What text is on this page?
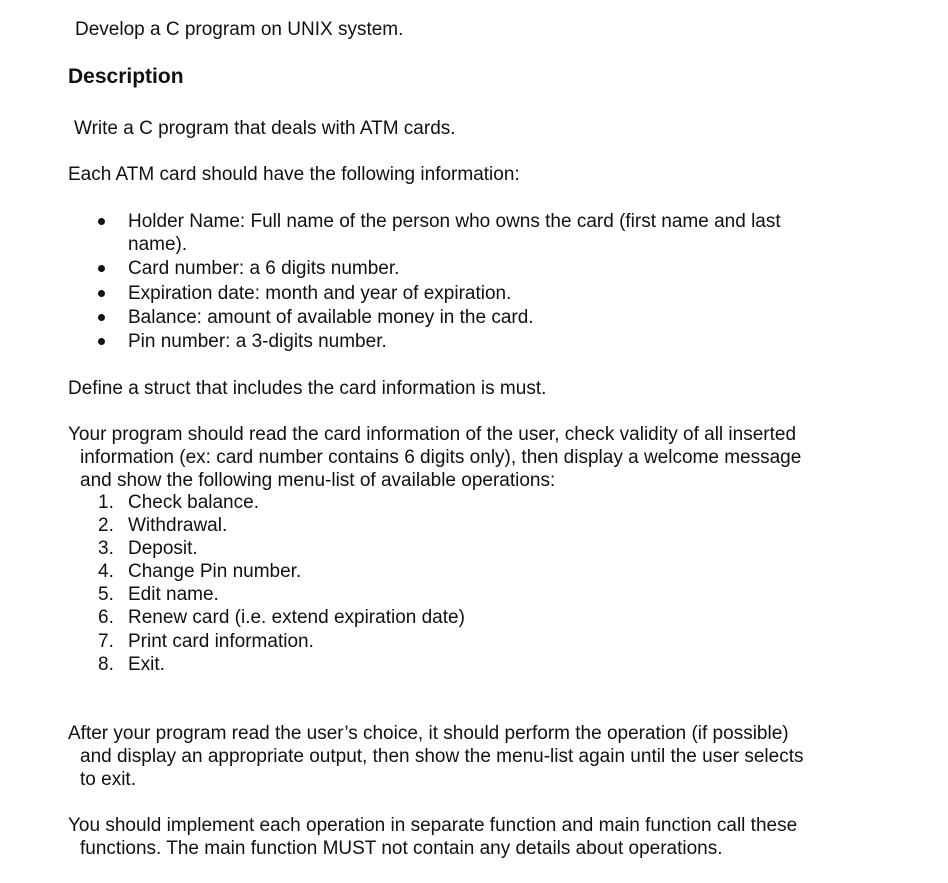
Develop a C program on UNIX system.
Description
Write a C program that deals with ATM cards.
Each ATM card should have the following information:
Holder Name: Full name of the person who owns the card (first name and last
name).
Card number: a 6 digits number.
Expiration date: month and year of expiration.
Balance: amount of available money in the card.
Pin number: a 3-digits number.
Define a struct that includes the card information is must.
Your program should read the card information of the user, check validity of all inserted
information (ex: card number contains 6 digits only), then display a welcome message
and show the following menu-list of available operations:
1. Check balance.
2. Withdrawal.
3. Deposit.
4. Change Pin number.
5. Edit name.
6. Renew card (i.e. extend expiration date)
7. Print card information.
8. Exit.
After your program read the user’s choice, it should perform the operation (if possible)
and display an appropriate output, then show the menu-list again until the user selects
to exit.
You should implement each operation in separate function and main function call these
functions. The main function MUST not contain any details about operations.
